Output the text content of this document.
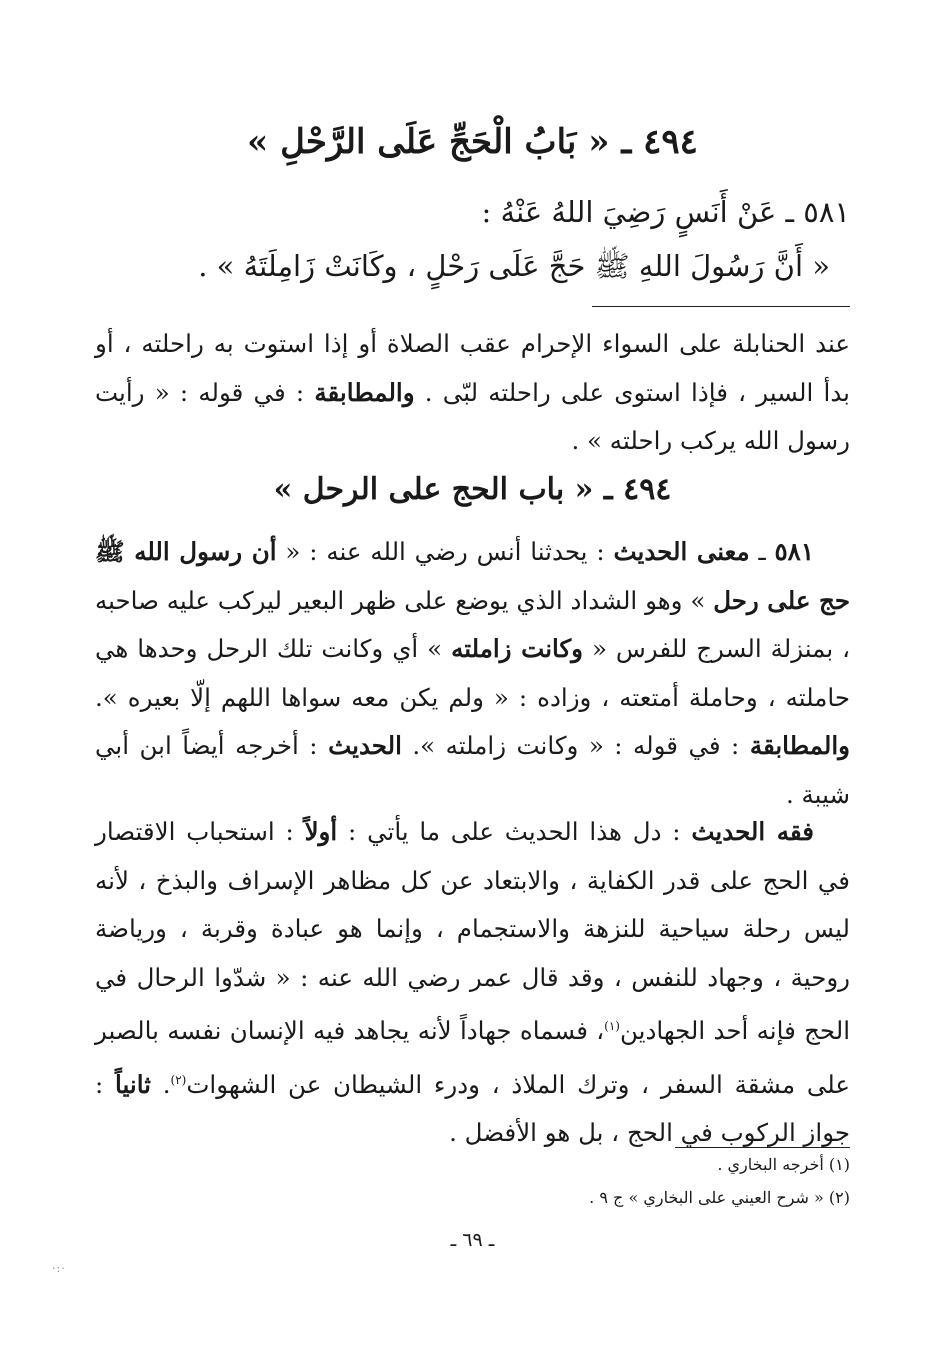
٤٩٤ ـ « بَابُ الْحَجِّ عَلَى الرَّحْلِ »
٥٨١ ـ عَنْ أَنَسٍ رَضِيَ اللهُ عَنْهُ :
« أَنَّ رَسُولَ اللهِ ﷺ حَجَّ عَلَى رَحْلٍ ، وكَانَتْ زَامِلَتَهُ » .
عند الحنابلة على السواء الإحرام عقب الصلاة أو إذا استوت به راحلته ، أو بدأ السير ، فإذا استوى على راحلته لبّى . والمطابقة : في قوله : « رأيت رسول الله يركب راحلته » .
٤٩٤ ـ « باب الحج على الرحل »
٥٨١ ـ معنى الحديث : يحدثنا أنس رضي الله عنه : « أن رسول الله ﷺ حج على رحل » وهو الشداد الذي يوضع على ظهر البعير ليركب عليه صاحبه ، بمنزلة السرج للفرس « وكانت زاملته » أي وكانت تلك الرحل وحدها هي حاملته ، وحاملة أمتعته ، وزاده : « ولم يكن معه سواها اللهم إلّا بعيره ». والمطابقة : في قوله : « وكانت زاملته ». الحديث : أخرجه أيضاً ابن أبي شيبة .
فقه الحديث : دل هذا الحديث على ما يأتي : أولاً : استحباب الاقتصار في الحج على قدر الكفاية ، والابتعاد عن كل مظاهر الإسراف والبذخ ، لأنه ليس رحلة سياحية للنزهة والاستجمام ، وإنما هو عبادة وقربة ، ورياضة روحية ، وجهاد للنفس ، وقد قال عمر رضي الله عنه : « شدّوا الرحال في الحج فإنه أحد الجهادين$^{(١)}$، فسماه جهاداً لأنه يجاهد فيه الإنسان نفسه بالصبر على مشقة السفر ، وترك الملاذ ، ودرء الشيطان عن الشهوات$^{(٢)}$. ثانياً : جواز الركوب في الحج ، بل هو الأفضل .
(١) أخرجه البخاري .
(٢) « شرح العيني على البخاري » ج ٩ .
ـ ٦٩ ـ
·:·
